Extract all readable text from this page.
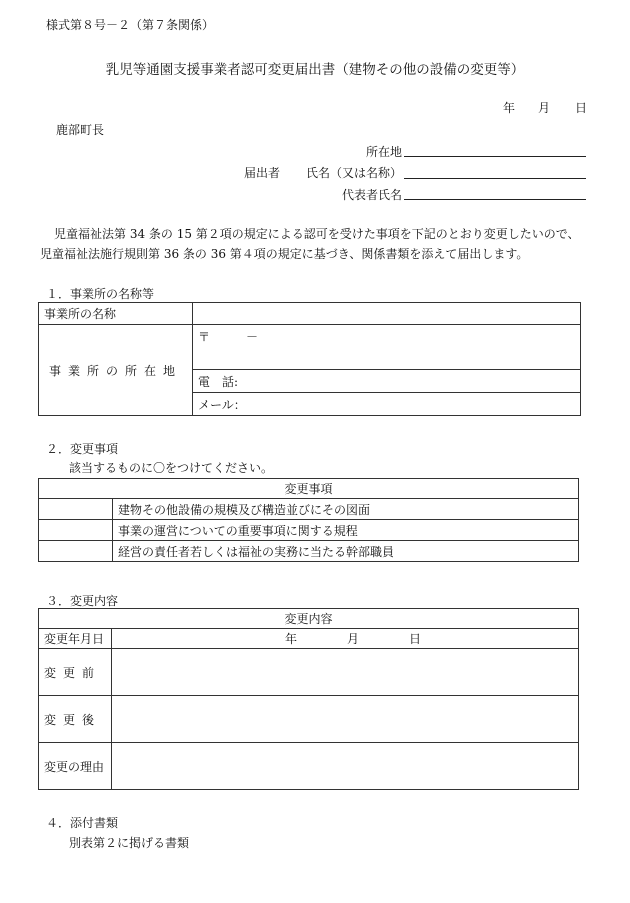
様式第８号－２（第７条関係）
乳児等通園支援事業者認可変更届出書（建物その他の設備の変更等）
年 月 日
鹿部町長
所在地
届出者 氏名（又は名称）
代表者氏名
児童福祉法第 34 条の 15 第２項の規定による認可を受けた事項を下記のとおり変更したいので、
児童福祉法施行規則第 36 条の 36 第４項の規定に基づき、関係書類を添えて届出します。
１．事業所の名称等
事業所の名称	
事業所の所在地	〒　　　－
	電　話:
	メール：
２．変更事項
該当するものに〇をつけてください。
変更事項	
	建物その他設備の規模及び構造並びにその図面
	事業の運営についての重要事項に関する規程
	経営の責任者若しくは福祉の実務に当たる幹部職員
３．変更内容
変更内容	
変更年月日	年 月 日
変更前	
変更後	
変更の理由	
４．添付書類
別表第２に掲げる書類
